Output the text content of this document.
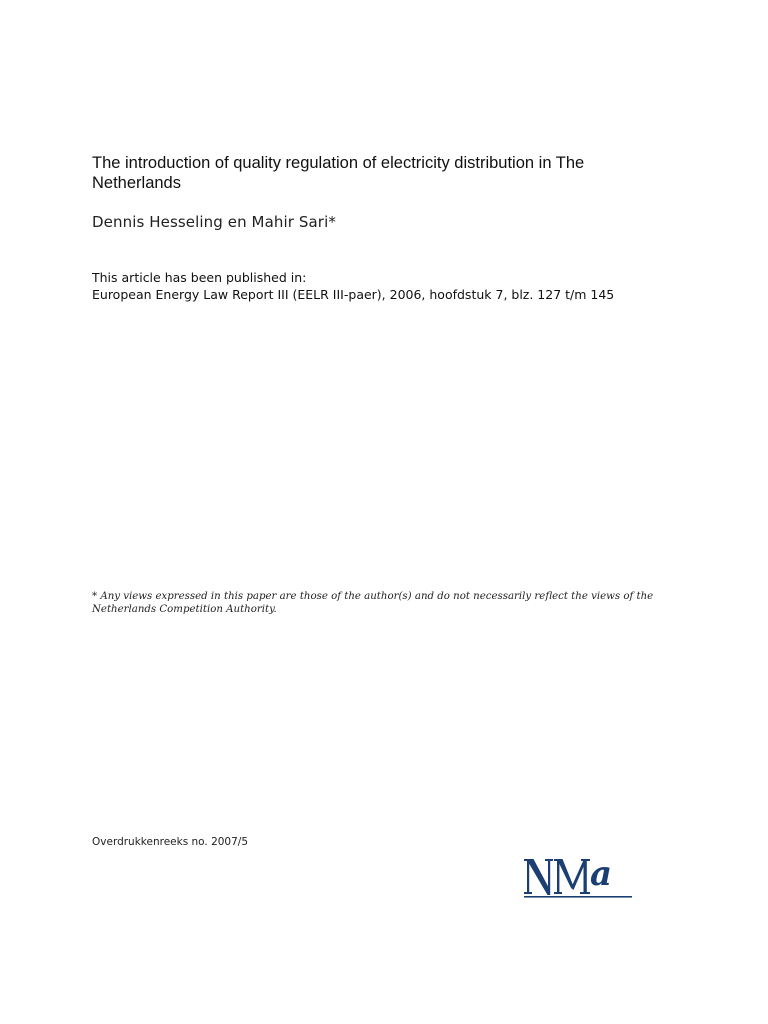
The introduction of quality regulation of electricity distribution in The Netherlands
Dennis Hesseling en Mahir Sari*
This article has been published in:
European Energy Law Report III (EELR III-paer), 2006, hoofdstuk 7, blz. 127 t/m 145
* Any views expressed in this paper are those of the author(s) and do not necessarily reflect the views of the Netherlands Competition Authority.
Overdrukkenreeks no. 2007/5
a
